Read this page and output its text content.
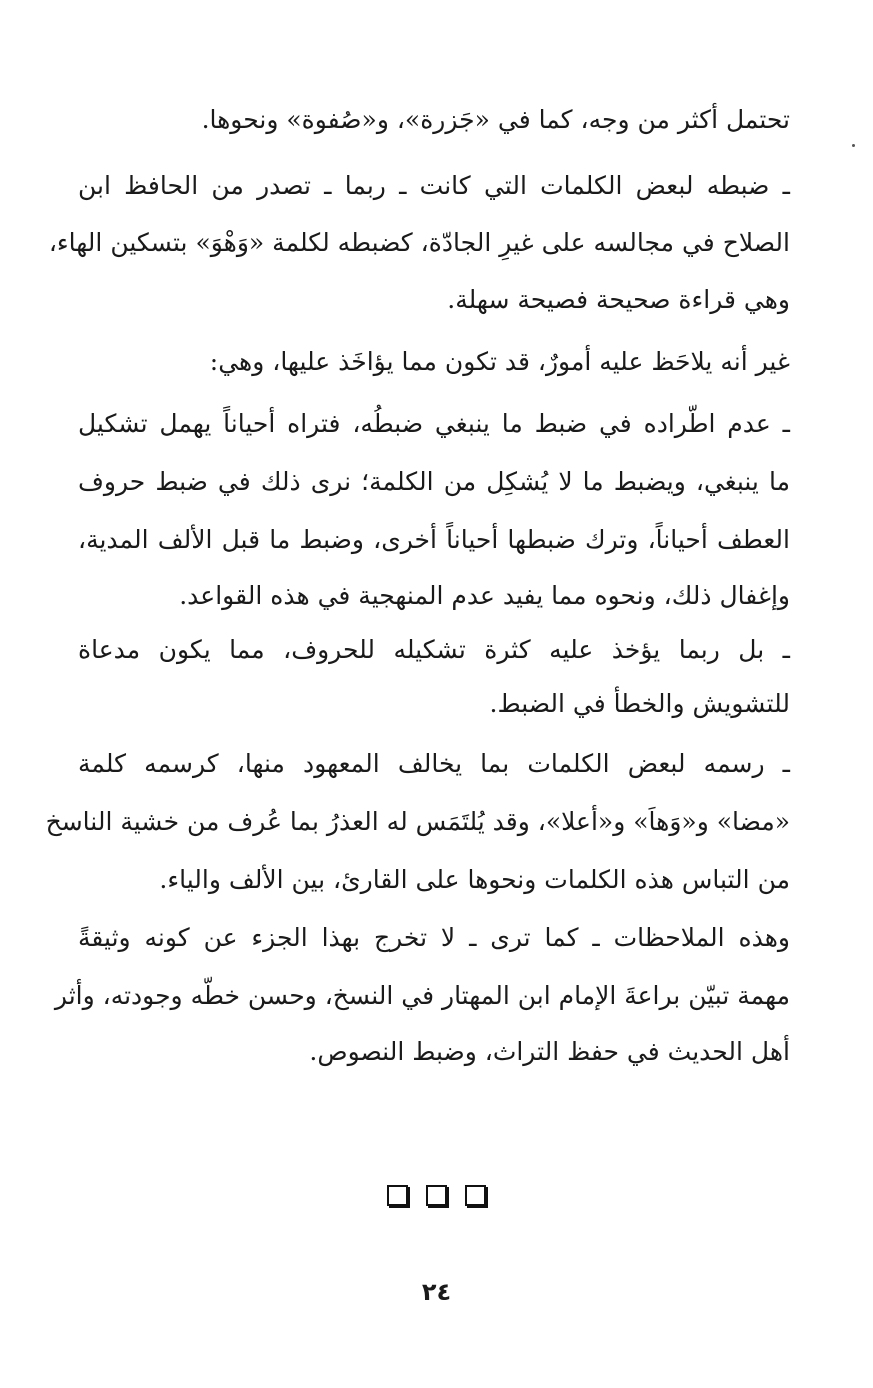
تحتمل أكثر من وجه، كما في «جَزرة»، و«صُفوة» ونحوها.
ـ ضبطه لبعض الكلمات التي كانت ـ ربما ـ تصدر من الحافظ ابن
الصلاح في مجالسه على غيرِ الجادّة، كضبطه لكلمة «وَهْوَ» بتسكين الهاء،
وهي قراءة صحيحة فصيحة سهلة.
غير أنه يلاحَظ عليه أمورٌ، قد تكون مما يؤاخَذ عليها، وهي:
ـ عدم اطّراده في ضبط ما ينبغي ضبطُه، فتراه أحياناً يهمل تشكيل
ما ينبغي، ويضبط ما لا يُشكِل من الكلمة؛ نرى ذلك في ضبط حروف
العطف أحياناً، وترك ضبطها أحياناً أخرى، وضبط ما قبل الألف المدية،
وإغفال ذلك، ونحوه مما يفيد عدم المنهجية في هذه القواعد.
ـ بل ربما يؤخذ عليه كثرة تشكيله للحروف، مما يكون مدعاة
للتشويش والخطأ في الضبط.
ـ رسمه لبعض الكلمات بما يخالف المعهود منها، كرسمه كلمة
«مضا» و«وَهاَ» و«أعلا»، وقد يُلتَمَس له العذرُ بما عُرف من خشية الناسخ
من التباس هذه الكلمات ونحوها على القارئ، بين الألف والياء.
وهذه الملاحظات ـ كما ترى ـ لا تخرج بهذا الجزء عن كونه وثيقةً
مهمة تبيّن براعةَ الإمام ابن المهتار في النسخ، وحسن خطّه وجودته، وأثر
أهل الحديث في حفظ التراث، وضبط النصوص.
٢٤
